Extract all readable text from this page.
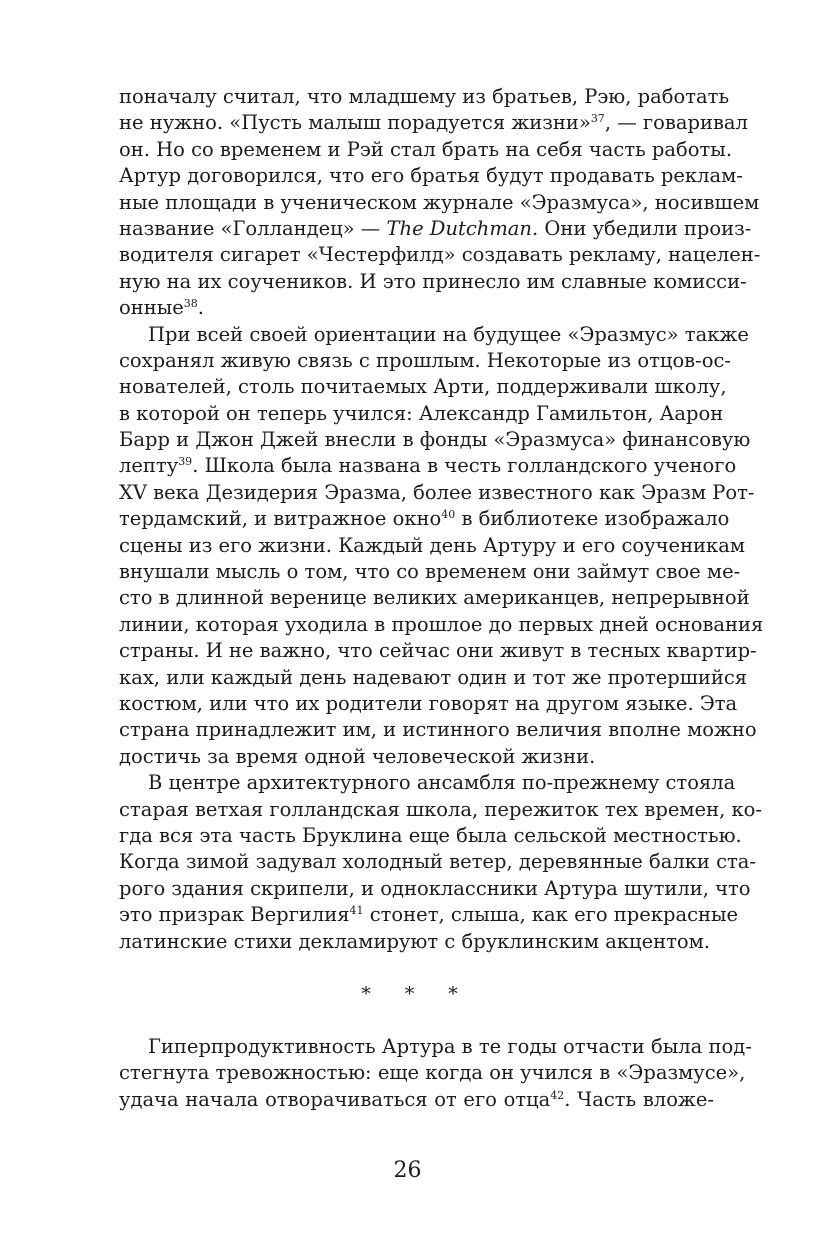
поначалу считал, что младшему из братьев, Рэю, работать
не нужно. «Пусть малыш порадуется жизни»$^{37}$, — говаривал
он. Но со временем и Рэй стал брать на себя часть работы.
Артур договорился, что его братья будут продавать реклам-
ные площади в ученическом журнале «Эразмуса», носившем
название «Голландец» — The Dutchman. Они убедили произ-
водителя сигарет «Честерфилд» создавать рекламу, нацелен-
ную на их соучеников. И это принесло им славные комисси-
онные$^{38}$.
При всей своей ориентации на будущее «Эразмус» также
сохранял живую связь с прошлым. Некоторые из отцов-ос-
нователей, столь почитаемых Арти, поддерживали школу,
в которой он теперь учился: Александр Гамильтон, Аарон
Барр и Джон Джей внесли в фонды «Эразмуса» финансовую
лепту$^{39}$. Школа была названа в честь голландского ученого
XV века Дезидерия Эразма, более известного как Эразм Рот-
тердамский, и витражное окно$^{40}$ в библиотеке изображало
сцены из его жизни. Каждый день Артуру и его соученикам
внушали мысль о том, что со временем они займут свое ме-
сто в длинной веренице великих американцев, непрерывной
линии, которая уходила в прошлое до первых дней основания
страны. И не важно, что сейчас они живут в тесных квартир-
ках, или каждый день надевают один и тот же протершийся
костюм, или что их родители говорят на другом языке. Эта
страна принадлежит им, и истинного величия вполне можно
достичь за время одной человеческой жизни.
В центре архитектурного ансамбля по-прежнему стояла
старая ветхая голландская школа, пережиток тех времен, ко-
гда вся эта часть Бруклина еще была сельской местностью.
Когда зимой задувал холодный ветер, деревянные балки ста-
рого здания скрипели, и одноклассники Артура шутили, что
это призрак Вергилия$^{41}$ стонет, слыша, как его прекрасные
латинские стихи декламируют с бруклинским акцентом.
* * *
Гиперпродуктивность Артура в те годы отчасти была под-
стегнута тревожностью: еще когда он учился в «Эразмусе»,
удача начала отворачиваться от его отца$^{42}$. Часть вложе-
26
